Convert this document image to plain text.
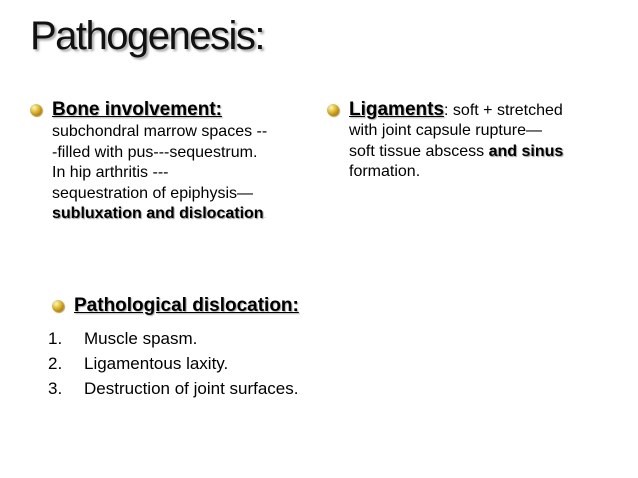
Pathogenesis:
Bone involvement:
subchondral marrow spaces --
-filled with pus---sequestrum.
In hip arthritis ---
sequestration of epiphysis—
subluxation and dislocation.
Ligaments: soft + stretched
with joint capsule rupture—
soft tissue abscess and sinus
formation.
Pathological dislocation:
1.	Muscle spasm.
2.	Ligamentous laxity.
3.	Destruction of joint surfaces.
